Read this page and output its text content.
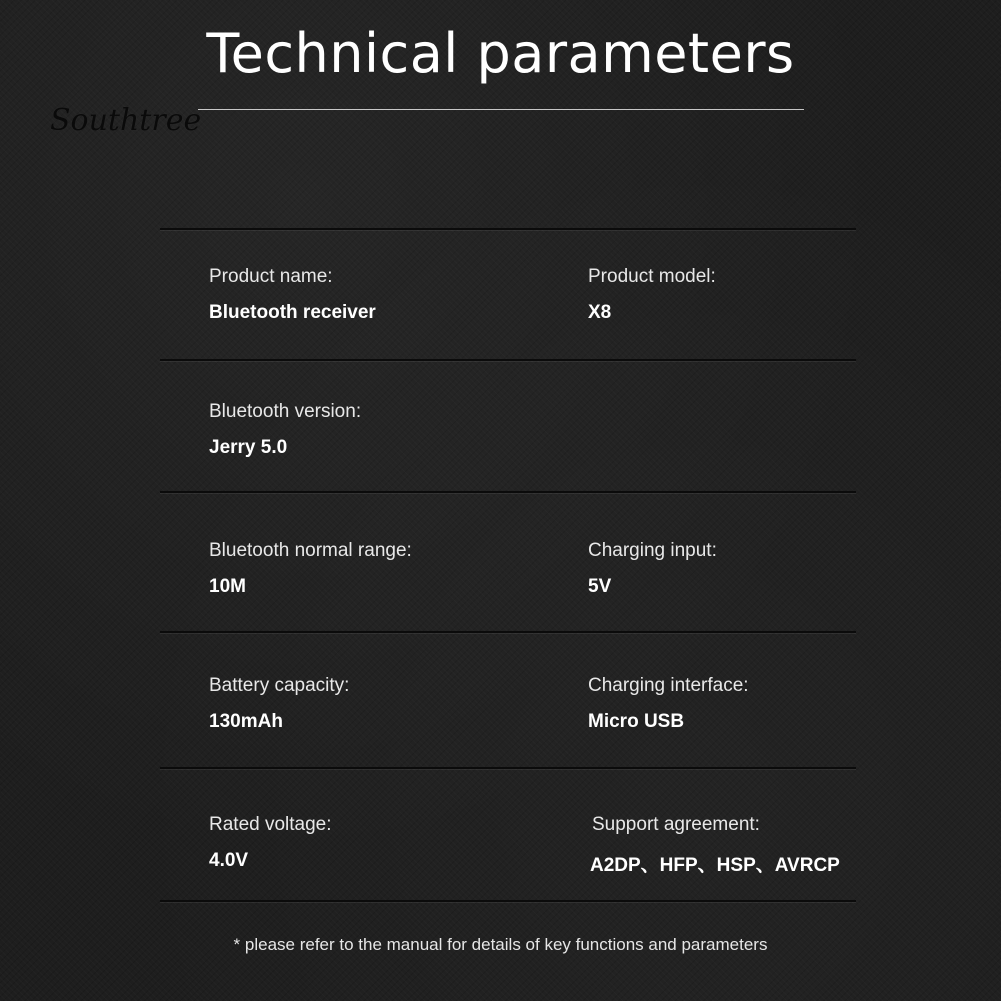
Technical parameters
Southtree
Product name:
Bluetooth receiver
Product model:
X8
Bluetooth version:
Jerry 5.0
Bluetooth normal range:
10M
Charging input:
5V
Battery capacity:
130mAh
Charging interface:
Micro USB
Rated voltage:
4.0V
Support agreement:
A2DP、HFP、HSP、AVRCP
* please refer to the manual for details of key functions and parameters
